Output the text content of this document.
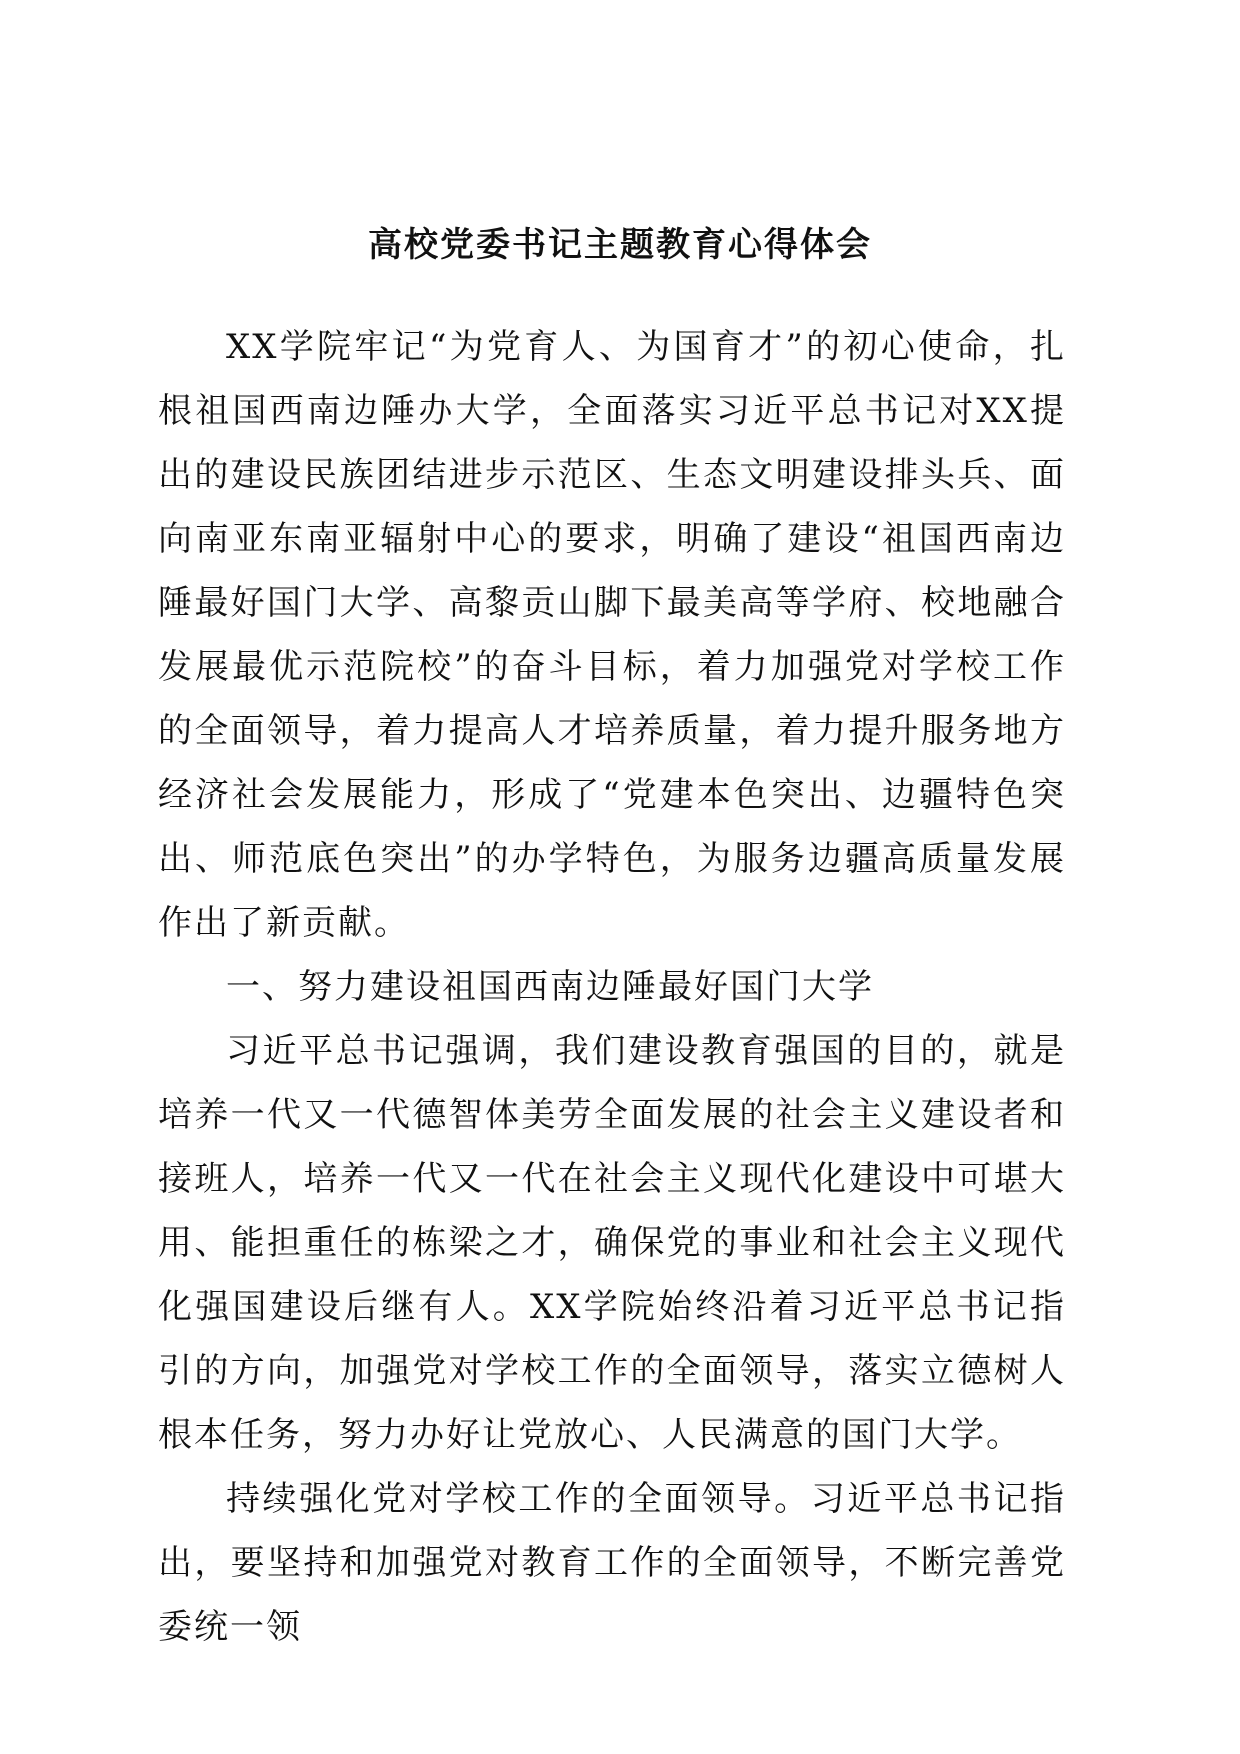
高校党委书记主题教育心得体会

XX学院牢记“为党育人、为国育才”的初心使命，扎根祖国西南边陲办大学，全面落实习近平总书记对XX提出的建设民族团结进步示范区、生态文明建设排头兵、面向南亚东南亚辐射中心的要求，明确了建设“祖国西南边陲最好国门大学、高黎贡山脚下最美高等学府、校地融合发展最优示范院校”的奋斗目标，着力加强党对学校工作的全面领导，着力提高人才培养质量，着力提升服务地方经济社会发展能力，形成了“党建本色突出、边疆特色突出、师范底色突出”的办学特色，为服务边疆高质量发展作出了新贡献。

一、努力建设祖国西南边陲最好国门大学

习近平总书记强调，我们建设教育强国的目的，就是培养一代又一代德智体美劳全面发展的社会主义建设者和接班人，培养一代又一代在社会主义现代化建设中可堪大用、能担重任的栋梁之才，确保党的事业和社会主义现代化强国建设后继有人。XX学院始终沿着习近平总书记指引的方向，加强党对学校工作的全面领导，落实立德树人根本任务，努力办好让党放心、人民满意的国门大学。

持续强化党对学校工作的全面领导。习近平总书记指出，要坚持和加强党对教育工作的全面领导，不断完善党委统一领
